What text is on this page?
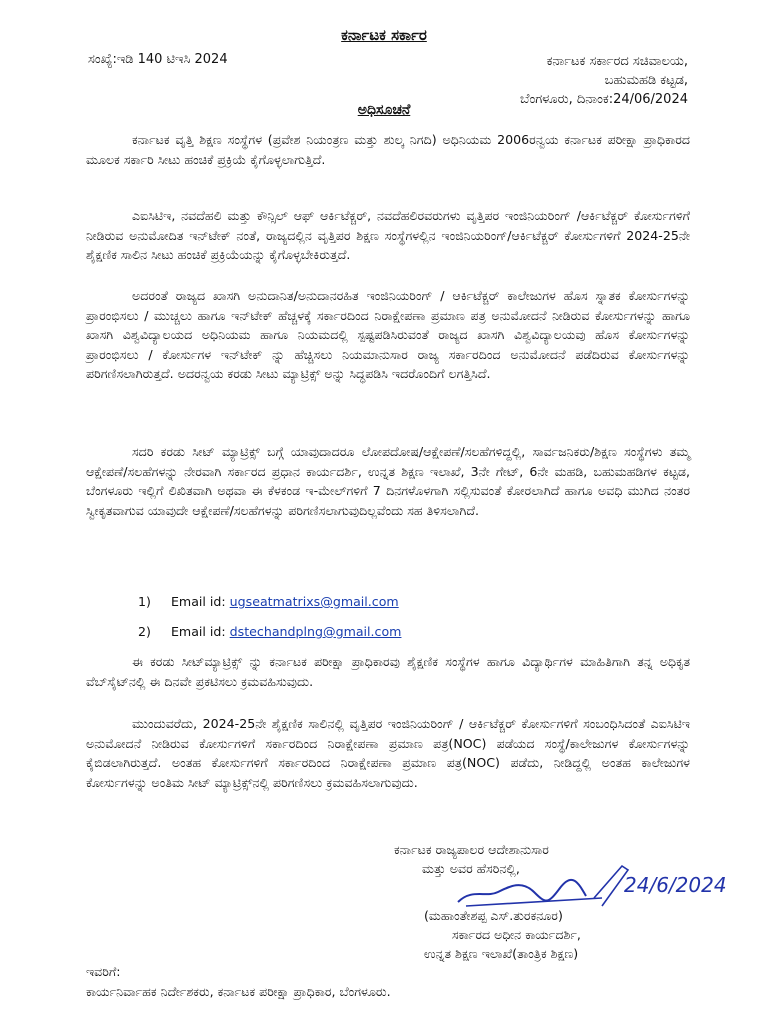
ಕರ್ನಾಟಕ ಸರ್ಕಾರ
ಸಂಖ್ಯೆ:ಇಡಿ 140 ಟಿಇಸಿ 2024	ಕರ್ನಾಟಕ ಸರ್ಕಾರದ ಸಚಿವಾಲಯ,
ಬಹುಮಹಡಿ ಕಟ್ಟಡ,
ಬೆಂಗಳೂರು, ದಿನಾಂಕ:24/06/2024
ಅಧಿಸೂಚನೆ
ಕರ್ನಾಟಕ ವೃತ್ತಿ ಶಿಕ್ಷಣ ಸಂಸ್ಥೆಗಳ (ಪ್ರವೇಶ ನಿಯಂತ್ರಣ ಮತ್ತು ಶುಲ್ಕ ನಿಗದಿ) ಅಧಿನಿಯಮ 2006ರನ್ವಯ ಕರ್ನಾಟಕ ಪರೀಕ್ಷಾ ಪ್ರಾಧಿಕಾರದ ಮೂಲಕ ಸರ್ಕಾರಿ ಸೀಟು ಹಂಚಿಕೆ ಪ್ರಕ್ರಿಯೆ ಕೈಗೊಳ್ಳಲಾಗುತ್ತಿದೆ.
ಎಐಸಿಟಿಇ, ನವದೆಹಲಿ ಮತ್ತು ಕೌನ್ಸಿಲ್ ಆಫ್ ಆರ್ಕಿಟೆಕ್ಚರ್, ನವದೆಹಲಿರವರುಗಳು ವೃತ್ತಿಪರ ಇಂಜಿನಿಯರಿಂಗ್ /ಆರ್ಕಿಟೆಕ್ಚರ್ ಕೋರ್ಸುಗಳಿಗೆ ನೀಡಿರುವ ಅನುಮೋದಿತ ಇನ್‌ಟೇಕ್ ನಂತೆ, ರಾಜ್ಯದಲ್ಲಿನ ವೃತ್ತಿಪರ ಶಿಕ್ಷಣ ಸಂಸ್ಥೆಗಳಲ್ಲಿನ ಇಂಜಿನಿಯರಿಂಗ್/ಆರ್ಕಿಟೆಕ್ಚರ್ ಕೋರ್ಸುಗಳಿಗೆ 2024-25ನೇ ಶೈಕ್ಷಣಿಕ ಸಾಲಿನ ಸೀಟು ಹಂಚಿಕೆ ಪ್ರಕ್ರಿಯೆಯನ್ನು ಕೈಗೊಳ್ಳಬೇಕಿರುತ್ತದೆ.
ಅದರಂತೆ ರಾಜ್ಯದ ಖಾಸಗಿ ಅನುದಾನಿತ/ಅನುದಾನರಹಿತ ಇಂಜಿನಿಯರಿಂಗ್ / ಆರ್ಕಿಟೆಕ್ಚರ್ ಕಾಲೇಜುಗಳ ಹೊಸ ಸ್ನಾತಕ ಕೋರ್ಸುಗಳನ್ನು ಪ್ರಾರಂಭಿಸಲು / ಮುಚ್ಚಲು ಹಾಗೂ ಇನ್‌ಟೇಕ್ ಹೆಚ್ಚಳಕ್ಕೆ ಸರ್ಕಾರದಿಂದ ನಿರಾಕ್ಷೇಪಣಾ ಪ್ರಮಾಣ ಪತ್ರ ಅನುಮೋದನೆ ನೀಡಿರುವ ಕೋರ್ಸುಗಳನ್ನು ಹಾಗೂ ಖಾಸಗಿ ವಿಶ್ವವಿದ್ಯಾಲಯದ ಅಧಿನಿಯಮ ಹಾಗೂ ನಿಯಮದಲ್ಲಿ ಸ್ಪಷ್ಟಪಡಿಸಿರುವಂತೆ ರಾಜ್ಯದ ಖಾಸಗಿ ವಿಶ್ವವಿದ್ಯಾಲಯವು ಹೊಸ ಕೋರ್ಸುಗಳನ್ನು ಪ್ರಾರಂಭಿಸಲು / ಕೋರ್ಸುಗಳ ಇನ್‌ಟೇಕ್ ನ್ನು ಹೆಚ್ಚಿಸಲು ನಿಯಮಾನುಸಾರ ರಾಜ್ಯ ಸರ್ಕಾರದಿಂದ ಅನುಮೋದನೆ ಪಡೆದಿರುವ ಕೋರ್ಸುಗಳನ್ನು ಪರಿಗಣಿಸಲಾಗಿರುತ್ತದೆ. ಅದರನ್ವಯ ಕರಡು ಸೀಟು ಮ್ಯಾಟ್ರಿಕ್ಸ್ ಅನ್ನು ಸಿದ್ಧಪಡಿಸಿ ಇದರೊಂದಿಗೆ ಲಗತ್ತಿಸಿದೆ.
ಸದರಿ ಕರಡು ಸೀಟ್ ಮ್ಯಾಟ್ರಿಕ್ಸ್ ಬಗ್ಗೆ ಯಾವುದಾದರೂ ಲೋಪದೋಷ/ಆಕ್ಷೇಪಣೆ/ಸಲಹೆಗಳಿದ್ದಲ್ಲಿ, ಸಾರ್ವಜನಿಕರು/ಶಿಕ್ಷಣ ಸಂಸ್ಥೆಗಳು ತಮ್ಮ ಆಕ್ಷೇಪಣೆ/ಸಲಹೆಗಳನ್ನು ನೇರವಾಗಿ ಸರ್ಕಾರದ ಪ್ರಧಾನ ಕಾರ್ಯದರ್ಶಿ, ಉನ್ನತ ಶಿಕ್ಷಣ ಇಲಾಖೆ, 3ನೇ ಗೇಟ್, 6ನೇ ಮಹಡಿ, ಬಹುಮಹಡಿಗಳ ಕಟ್ಟಡ, ಬೆಂಗಳೂರು ಇಲ್ಲಿಗೆ ಲಿಖಿತವಾಗಿ ಅಥವಾ ಈ ಕೆಳಕಂಡ ಇ-ಮೇಲ್‌ಗಳಿಗೆ 7 ದಿನಗಳೊಳಗಾಗಿ ಸಲ್ಲಿಸುವಂತೆ ಕೋರಲಾಗಿದೆ ಹಾಗೂ ಅವಧಿ ಮುಗಿದ ನಂತರ ಸ್ವೀಕೃತವಾಗುವ ಯಾವುದೇ ಆಕ್ಷೇಪಣೆ/ಸಲಹೆಗಳನ್ನು ಪರಿಗಣಿಸಲಾಗುವುದಿಲ್ಲವೆಂದು ಸಹ ತಿಳಿಸಲಾಗಿದೆ.
1) Email id: ugseatmatrixs@gmail.com
2) Email id: dstechandplng@gmail.com
ಈ ಕರಡು ಸೀಟ್‌ಮ್ಯಾಟ್ರಿಕ್ಸ್ ನ್ನು ಕರ್ನಾಟಕ ಪರೀಕ್ಷಾ ಪ್ರಾಧಿಕಾರವು ಶೈಕ್ಷಣಿಕ ಸಂಸ್ಥೆಗಳ ಹಾಗೂ ವಿದ್ಯಾರ್ಥಿಗಳ ಮಾಹಿತಿಗಾಗಿ ತನ್ನ ಅಧಿಕೃತ ವೆಬ್‌ಸೈಟ್‌ನಲ್ಲಿ ಈ ದಿನವೇ ಪ್ರಕಟಿಸಲು ಕ್ರಮವಹಿಸುವುದು.
ಮುಂದುವರೆದು, 2024-25ನೇ ಶೈಕ್ಷಣಿಕ ಸಾಲಿನಲ್ಲಿ ವೃತ್ತಿಪರ ಇಂಜಿನಿಯರಿಂಗ್ / ಆರ್ಕಿಟೆಕ್ಚರ್ ಕೋರ್ಸುಗಳಿಗೆ ಸಂಬಂಧಿಸಿದಂತೆ ಎಐಸಿಟಿಇ ಅನುಮೋದನೆ ನೀಡಿರುವ ಕೋರ್ಸುಗಳಿಗೆ ಸರ್ಕಾರದಿಂದ ನಿರಾಕ್ಷೇಪಣಾ ಪ್ರಮಾಣ ಪತ್ರ(NOC) ಪಡೆಯದ ಸಂಸ್ಥೆ/ಕಾಲೇಜುಗಳ ಕೋರ್ಸುಗಳನ್ನು ಕೈಬಿಡಲಾಗಿರುತ್ತದೆ. ಅಂತಹ ಕೋರ್ಸುಗಳಿಗೆ ಸರ್ಕಾರದಿಂದ ನಿರಾಕ್ಷೇಪಣಾ ಪ್ರಮಾಣ ಪತ್ರ(NOC) ಪಡೆದು, ನೀಡಿದ್ದಲ್ಲಿ ಅಂತಹ ಕಾಲೇಜುಗಳ ಕೋರ್ಸುಗಳನ್ನು ಅಂತಿಮ ಸೀಟ್ ಮ್ಯಾಟ್ರಿಕ್ಸ್‌ನಲ್ಲಿ ಪರಿಗಣಿಸಲು ಕ್ರಮವಹಿಸಲಾಗುವುದು.
ಕರ್ನಾಟಕ ರಾಜ್ಯಪಾಲರ ಆದೇಶಾನುಸಾರ
ಮತ್ತು ಅವರ ಹೆಸರಿನಲ್ಲಿ,
24/6/2024
(ಮಹಾಂತೇಶಪ್ಪ ಎಸ್.ತುರಕನೂರ)
ಸರ್ಕಾರದ ಅಧೀನ ಕಾರ್ಯದರ್ಶಿ,
ಉನ್ನತ ಶಿಕ್ಷಣ ಇಲಾಖೆ(ತಾಂತ್ರಿಕ ಶಿಕ್ಷಣ)
ಇವರಿಗೆ:
ಕಾರ್ಯನಿರ್ವಾಹಕ ನಿರ್ದೇಶಕರು, ಕರ್ನಾಟಕ ಪರೀಕ್ಷಾ ಪ್ರಾಧಿಕಾರ, ಬೆಂಗಳೂರು.
